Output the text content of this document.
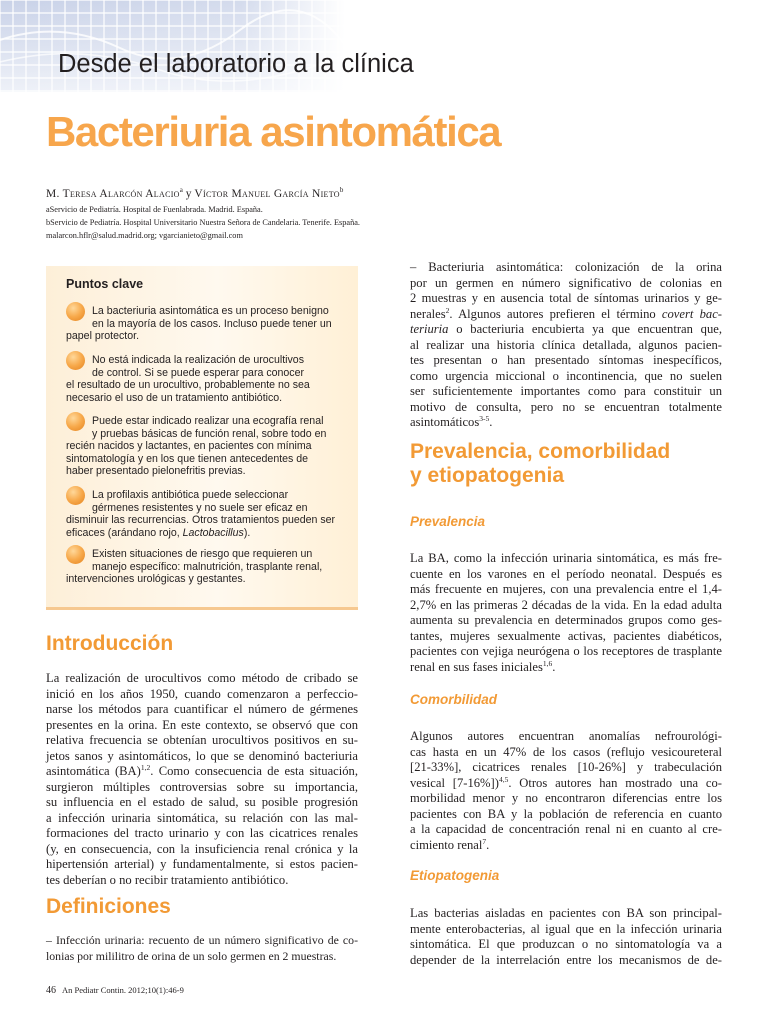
Desde el laboratorio a la clínica
Bacteriuria asintomática
M. Teresa Alarcón Alacio$^a$ y Víctor Manuel García Nieto$^b$
aServicio de Pediatría. Hospital de Fuenlabrada. Madrid. España.
bServicio de Pediatría. Hospital Universitario Nuestra Señora de Candelaria. Tenerife. España.
malarcon.hflr@salud.madrid.org; vgarcianieto@gmail.com
Puntos clave
La bacteriuria asintomática es un proceso benigno
en la mayoría de los casos. Incluso puede tener un
papel protector.
No está indicada la realización de urocultivos
de control. Si se puede esperar para conocer
el resultado de un urocultivo, probablemente no sea
necesario el uso de un tratamiento antibiótico.
Puede estar indicado realizar una ecografía renal
y pruebas básicas de función renal, sobre todo en
recién nacidos y lactantes, en pacientes con mínima
sintomatología y en los que tienen antecedentes de
haber presentado pielonefritis previas.
La profilaxis antibiótica puede seleccionar
gérmenes resistentes y no suele ser eficaz en
disminuir las recurrencias. Otros tratamientos pueden ser
eficaces (arándano rojo, Lactobacillus).
Existen situaciones de riesgo que requieren un
manejo específico: malnutrición, trasplante renal,
intervenciones urológicas y gestantes.
Introducción
La realización de urocultivos como método de cribado se
inició en los años 1950, cuando comenzaron a perfeccio-
narse los métodos para cuantificar el número de gérmenes
presentes en la orina. En este contexto, se observó que con
relativa frecuencia se obtenían urocultivos positivos en su-
jetos sanos y asintomáticos, lo que se denominó bacteriuria
asintomática (BA)$^{1,2}$. Como consecuencia de esta situación,
surgieron múltiples controversias sobre su importancia,
su influencia en el estado de salud, su posible progresión
a infección urinaria sintomática, su relación con las mal-
formaciones del tracto urinario y con las cicatrices renales
(y, en consecuencia, con la insuficiencia renal crónica y la
hipertensión arterial) y fundamentalmente, si estos pacien-
tes deberían o no recibir tratamiento antibiótico.
Definiciones
– Infección urinaria: recuento de un número significativo de co-
lonias por mililitro de orina de un solo germen en 2 muestras.
– Bacteriuria asintomática: colonización de la orina
por un germen en número significativo de colonias en
2 muestras y en ausencia total de síntomas urinarios y ge-
nerales$^2$. Algunos autores prefieren el término covert bac-
teriuria o bacteriuria encubierta ya que encuentran que,
al realizar una historia clínica detallada, algunos pacien-
tes presentan o han presentado síntomas inespecíficos,
como urgencia miccional o incontinencia, que no suelen
ser suficientemente importantes como para constituir un
motivo de consulta, pero no se encuentran totalmente
asintomáticos$^{3-5}$.
Prevalencia, comorbilidad
y etiopatogenia
Prevalencia
La BA, como la infección urinaria sintomática, es más fre-
cuente en los varones en el período neonatal. Después es
más frecuente en mujeres, con una prevalencia entre el 1,4-
2,7% en las primeras 2 décadas de la vida. En la edad adulta
aumenta su prevalencia en determinados grupos como ges-
tantes, mujeres sexualmente activas, pacientes diabéticos,
pacientes con vejiga neurógena o los receptores de trasplante
renal en sus fases iniciales$^{1,6}$.
Comorbilidad
Algunos autores encuentran anomalías nefrourológi-
cas hasta en un 47% de los casos (reflujo vesicoureteral
[21-33%], cicatrices renales [10-26%] y trabeculación
vesical [7-16%])$^{4,5}$. Otros autores han mostrado una co-
morbilidad menor y no encontraron diferencias entre los
pacientes con BA y la población de referencia en cuanto
a la capacidad de concentración renal ni en cuanto al cre-
cimiento renal$^7$.
Etiopatogenia
Las bacterias aisladas en pacientes con BA son principal-
mente enterobacterias, al igual que en la infección urinaria
sintomática. El que produzcan o no sintomatología va a
depender de la interrelación entre los mecanismos de de-
46 An Pediatr Contin. 2012;10(1):46-9
